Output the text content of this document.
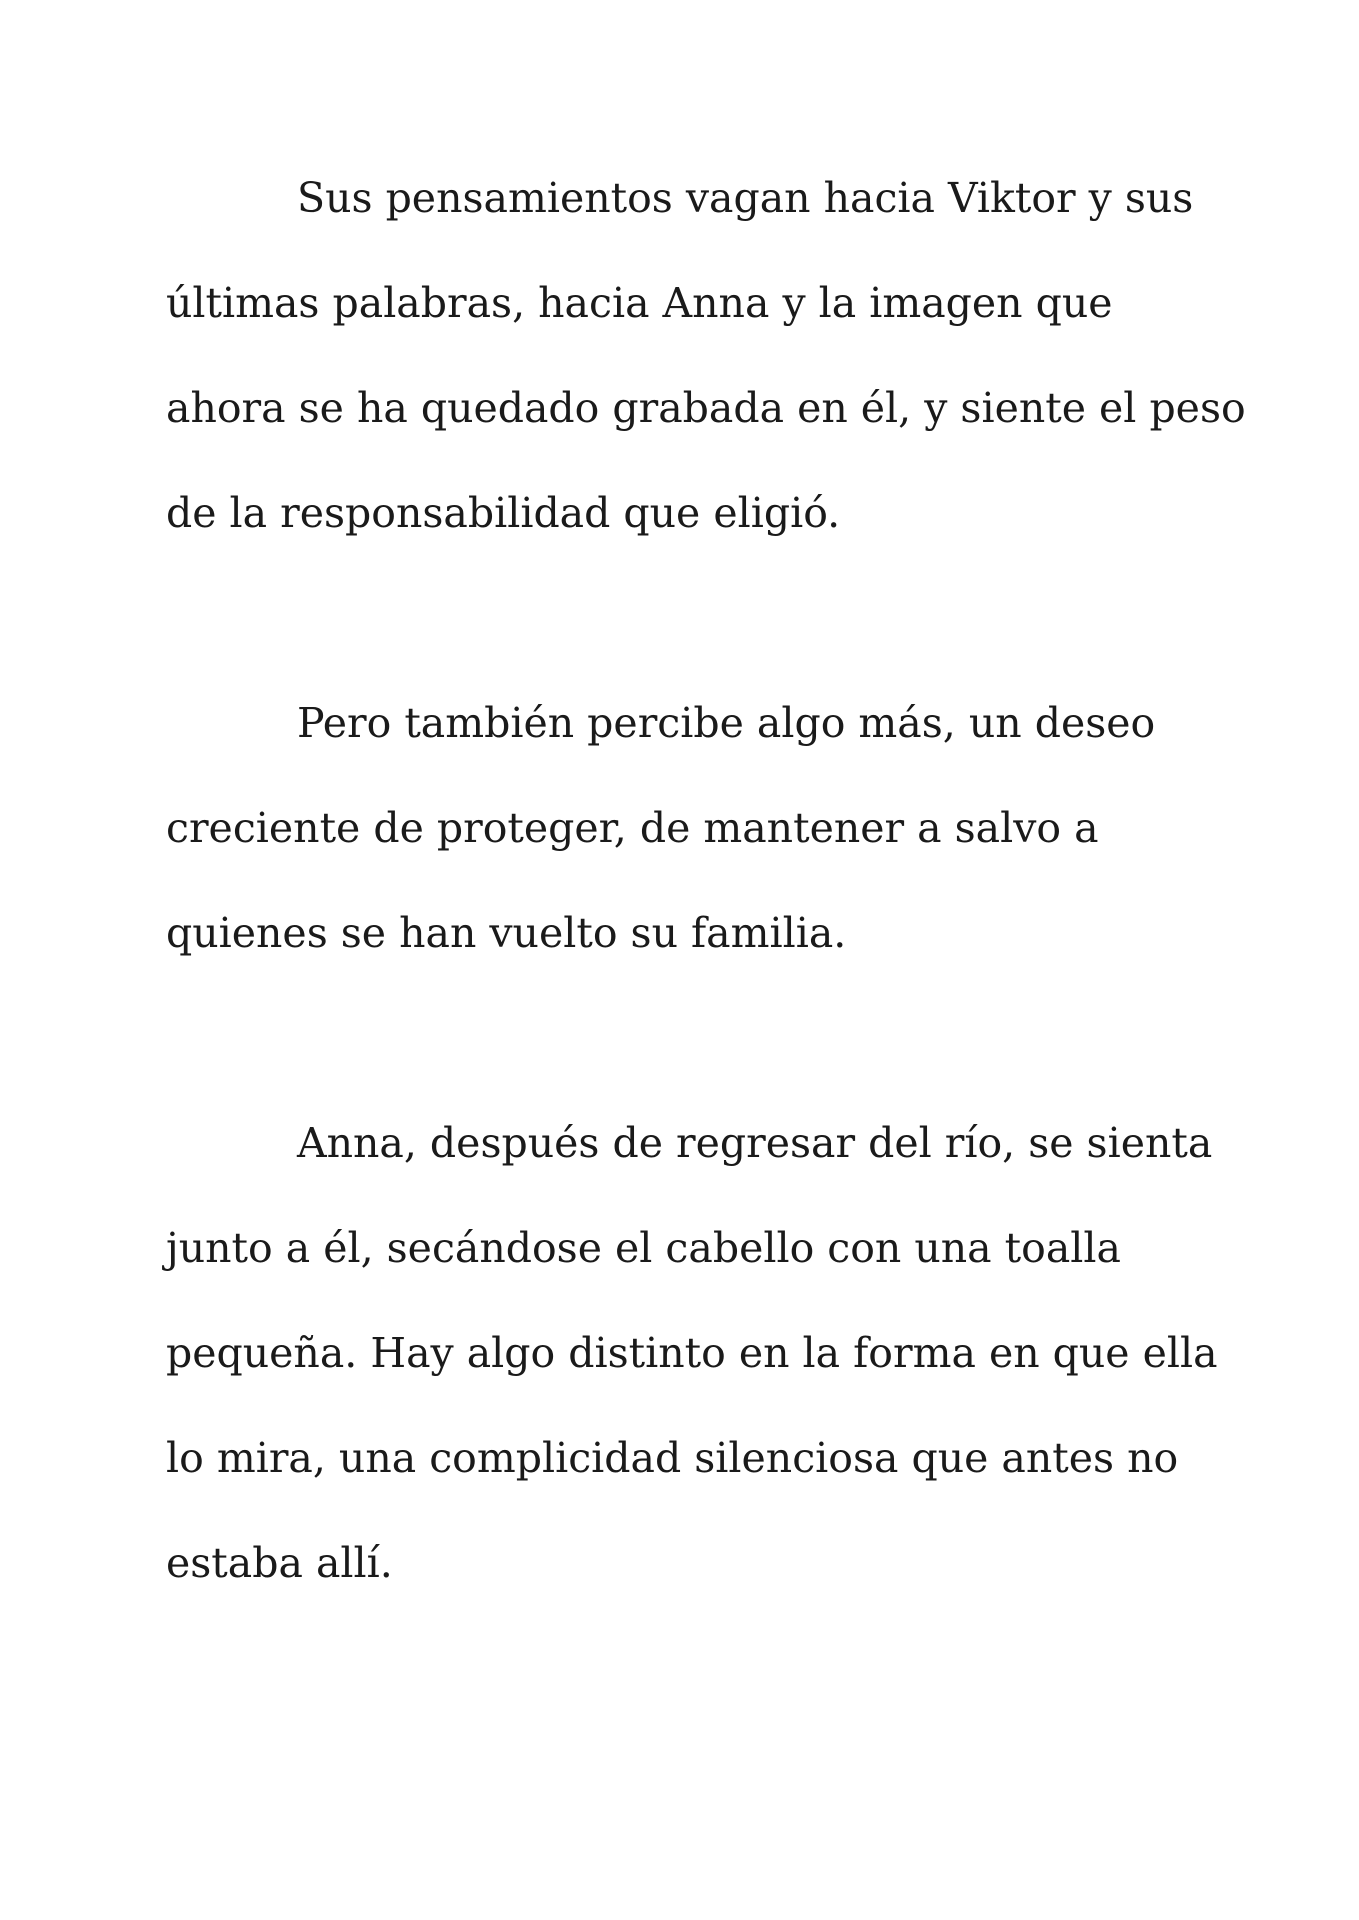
Sus pensamientos vagan hacia Viktor y sus
últimas palabras, hacia Anna y la imagen que
ahora se ha quedado grabada en él, y siente el peso
de la responsabilidad que eligió.
Pero también percibe algo más, un deseo
creciente de proteger, de mantener a salvo a
quienes se han vuelto su familia.
Anna, después de regresar del río, se sienta
junto a él, secándose el cabello con una toalla
pequeña. Hay algo distinto en la forma en que ella
lo mira, una complicidad silenciosa que antes no
estaba allí.
